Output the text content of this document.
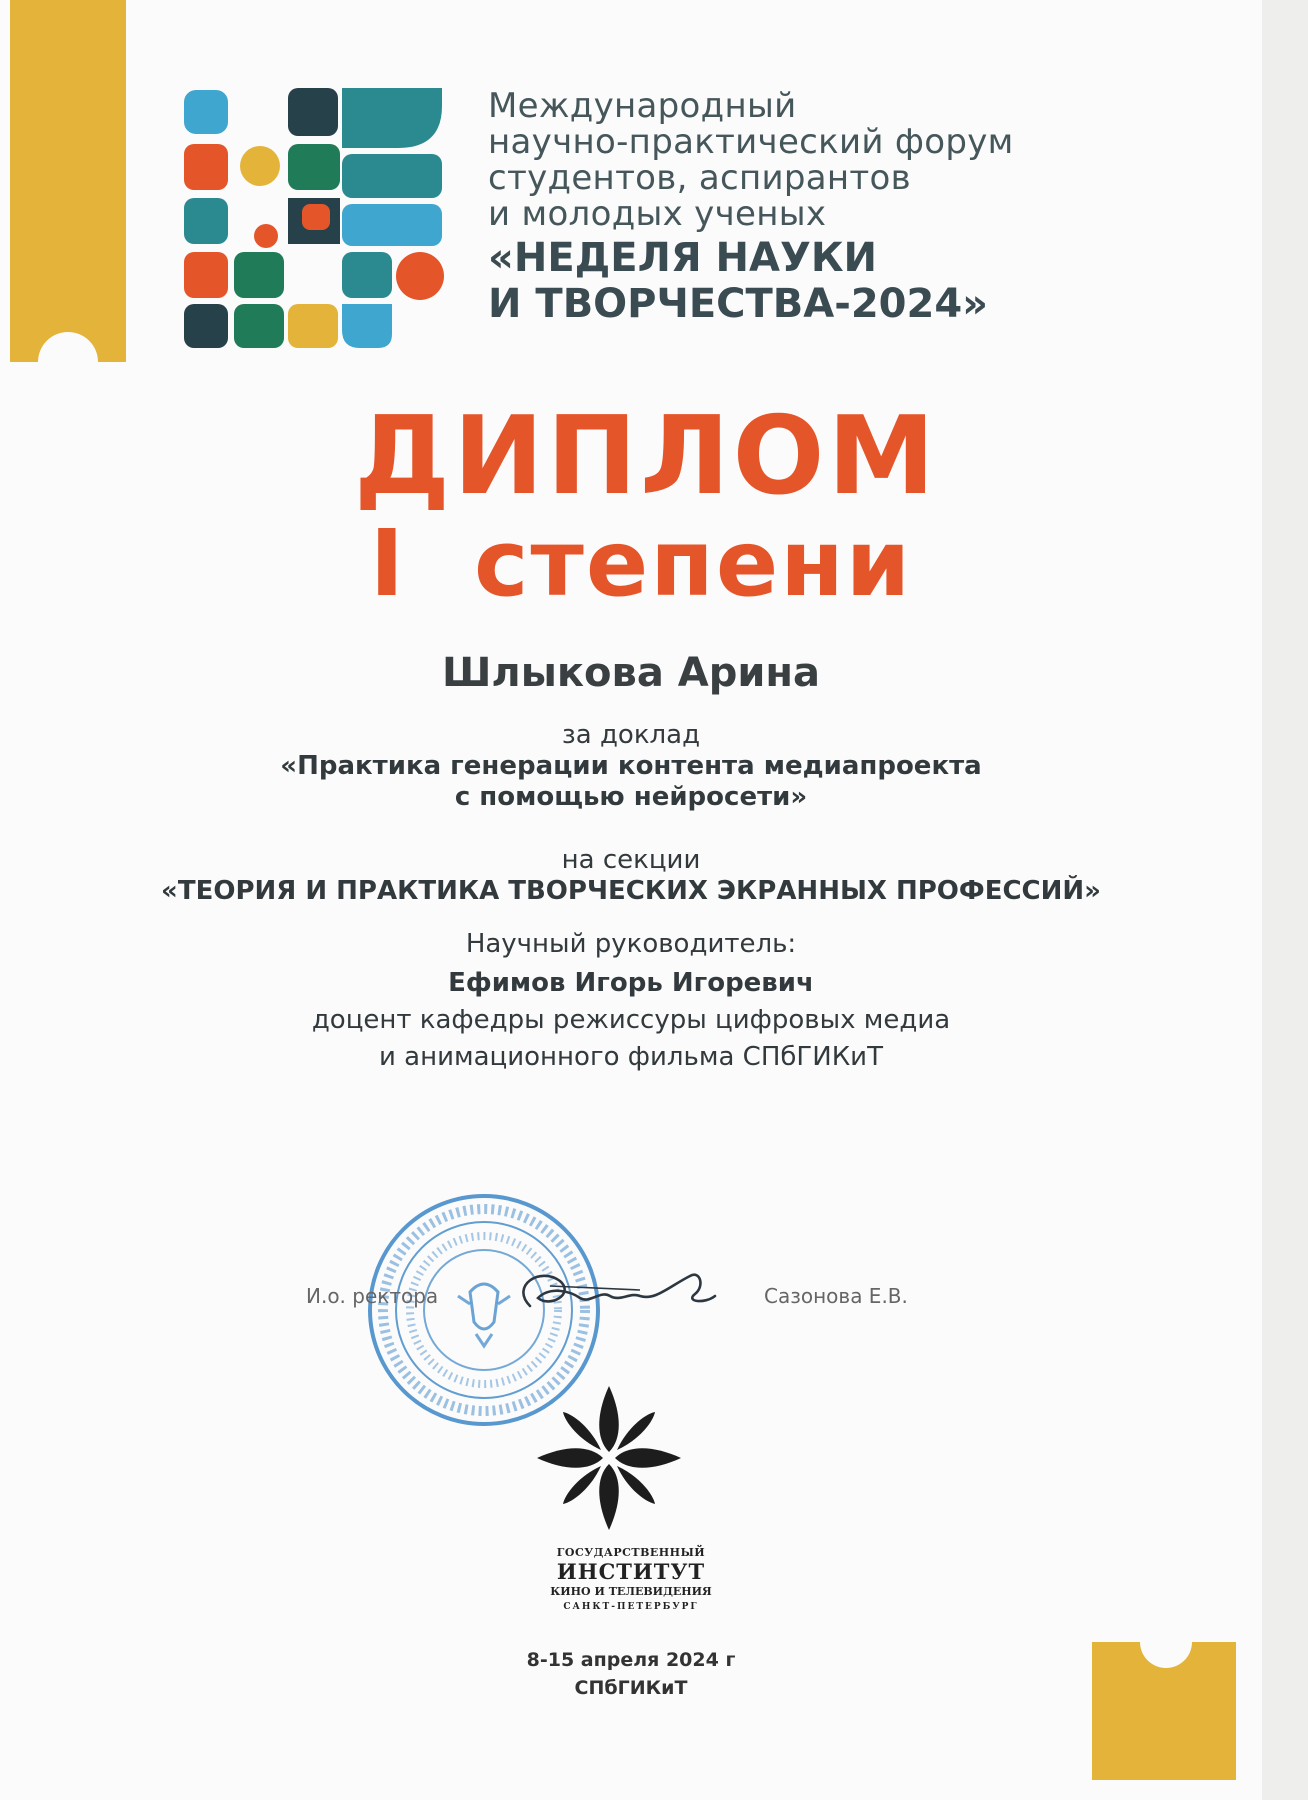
Международный
научно-практический форум
студентов, аспирантов
и молодых ученых
«НЕДЕЛЯ НАУКИ
И ТВОРЧЕСТВА-2024»
ДИПЛОМ
I  степени
Шлыкова Арина
за доклад
«Практика генерации контента медиапроекта
с помощью нейросети»
на секции
«ТЕОРИЯ И ПРАКТИКА ТВОРЧЕСКИХ ЭКРАННЫХ ПРОФЕССИЙ»
Научный руководитель:
Ефимов Игорь Игоревич
доцент кафедры режиссуры цифровых медиа
и анимационного фильма СПбГИКиТ
И.о. ректора	Сазонова Е.В.
ГОСУДАРСТВЕННЫЙ
ИНСТИТУТ
КИНО И ТЕЛЕВИДЕНИЯ
САНКТ-ПЕТЕРБУРГ
8-15 апреля 2024 г
СПбГИКиТ
